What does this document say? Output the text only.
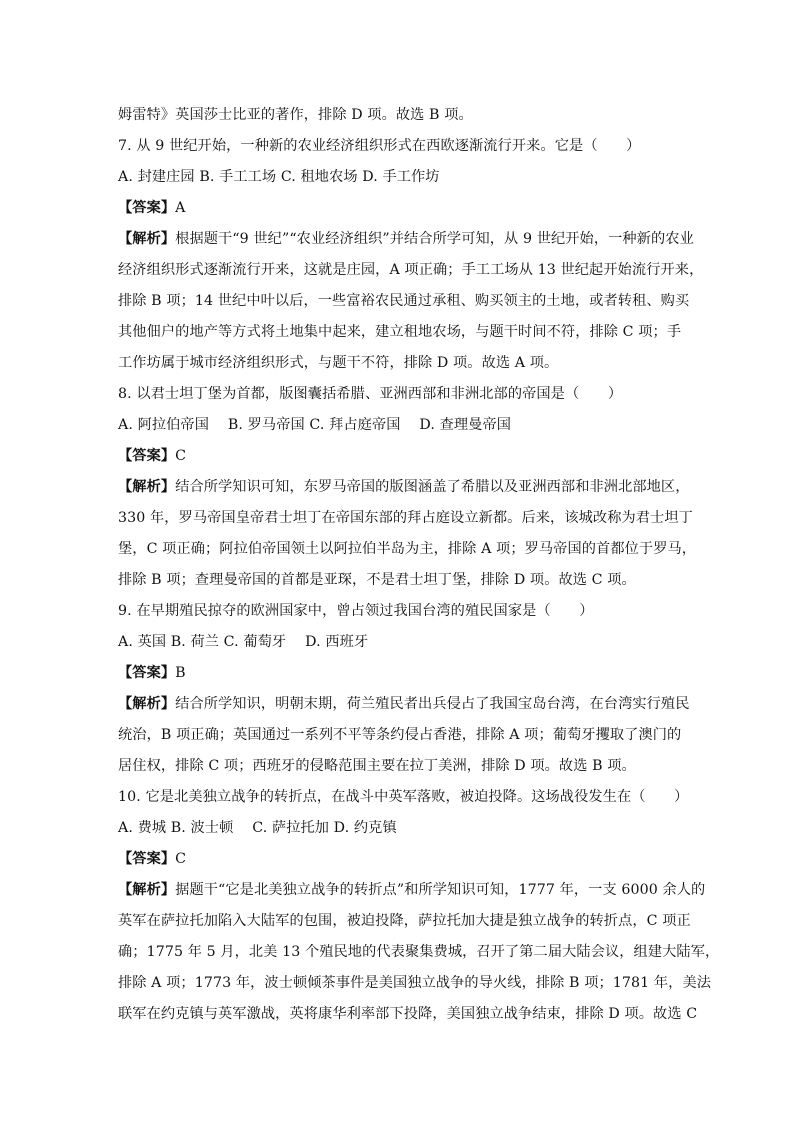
姆雷特》英国莎士比亚的著作，排除 D 项。故选 B 项。
7. 从 9 世纪开始，一种新的农业经济组织形式在西欧逐渐流行开来。它是（　　）
A. 封建庄园 B. 手工工场 C. 租地农场 D. 手工作坊
【答案】A
【解析】根据题干“9 世纪”“农业经济组织”并结合所学可知，从 9 世纪开始，一种新的农业
经济组织形式逐渐流行开来，这就是庄园，A 项正确；手工工场从 13 世纪起开始流行开来，
排除 B 项；14 世纪中叶以后，一些富裕农民通过承租、购买领主的土地，或者转租、购买
其他佃户的地产等方式将土地集中起来，建立租地农场，与题干时间不符，排除 C 项；手
工作坊属于城市经济组织形式，与题干不符，排除 D 项。故选 A 项。
8. 以君士坦丁堡为首都，版图囊括希腊、亚洲西部和非洲北部的帝国是（　　）
A. 阿拉伯帝国　 B. 罗马帝国 C. 拜占庭帝国　 D. 查理曼帝国
【答案】C
【解析】结合所学知识可知，东罗马帝国的版图涵盖了希腊以及亚洲西部和非洲北部地区，
330 年，罗马帝国皇帝君士坦丁在帝国东部的拜占庭设立新都。后来，该城改称为君士坦丁
堡，C 项正确；阿拉伯帝国领土以阿拉伯半岛为主，排除 A 项；罗马帝国的首都位于罗马，
排除 B 项；查理曼帝国的首都是亚琛，不是君士坦丁堡，排除 D 项。故选 C 项。
9. 在早期殖民掠夺的欧洲国家中，曾占领过我国台湾的殖民国家是（　　）
A. 英国 B. 荷兰 C. 葡萄牙　 D. 西班牙
【答案】B
【解析】结合所学知识，明朝末期，荷兰殖民者出兵侵占了我国宝岛台湾，在台湾实行殖民
统治，B 项正确；英国通过一系列不平等条约侵占香港，排除 A 项；葡萄牙攫取了澳门的
居住权，排除 C 项；西班牙的侵略范围主要在拉丁美洲，排除 D 项。故选 B 项。
10. 它是北美独立战争的转折点，在战斗中英军落败，被迫投降。这场战役发生在（　　）
A. 费城 B. 波士顿　 C. 萨拉托加 D. 约克镇
【答案】C
【解析】据题干“它是北美独立战争的转折点”和所学知识可知，1777 年，一支 6000 余人的
英军在萨拉托加陷入大陆军的包围，被迫投降，萨拉托加大捷是独立战争的转折点，C 项正
确；1775 年 5 月，北美 13 个殖民地的代表聚集费城，召开了第二届大陆会议，组建大陆军，
排除 A 项；1773 年，波士顿倾茶事件是美国独立战争的导火线，排除 B 项；1781 年，美法
联军在约克镇与英军激战，英将康华利率部下投降，美国独立战争结束，排除 D 项。故选 C
